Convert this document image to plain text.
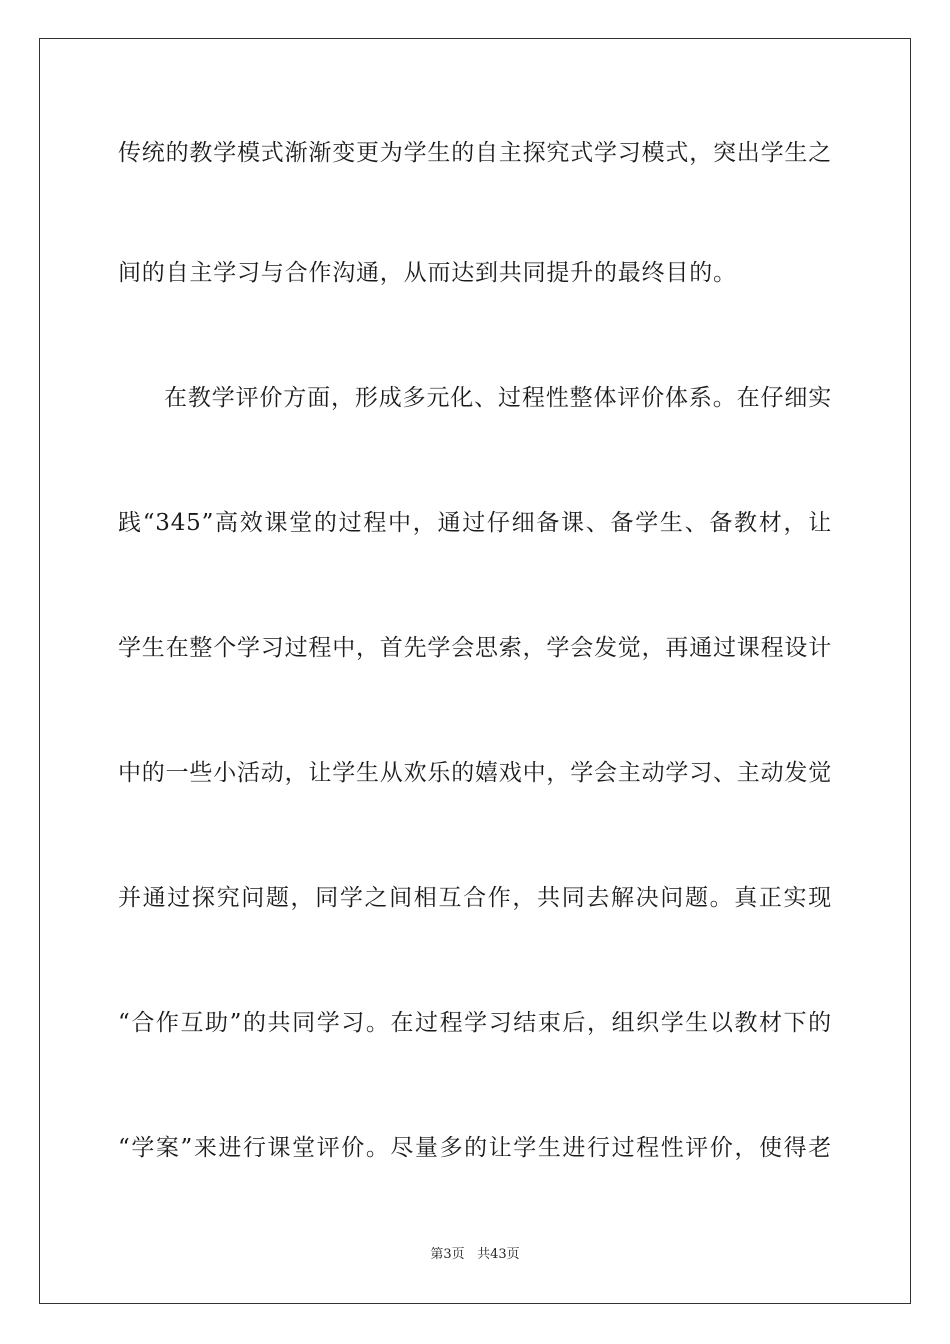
传统的教学模式渐渐变更为学生的自主探究式学习模式，突出学生之
间的自主学习与合作沟通，从而达到共同提升的最终目的。
在教学评价方面，形成多元化、过程性整体评价体系。在仔细实
践“345”高效课堂的过程中，通过仔细备课、备学生、备教材，让
学生在整个学习过程中，首先学会思索，学会发觉，再通过课程设计
中的一些小活动，让学生从欢乐的嬉戏中，学会主动学习、主动发觉
并通过探究问题，同学之间相互合作，共同去解决问题。真正实现
“合作互助”的共同学习。在过程学习结束后，组织学生以教材下的
“学案”来进行课堂评价。尽量多的让学生进行过程性评价，使得老
第3页 共43页
